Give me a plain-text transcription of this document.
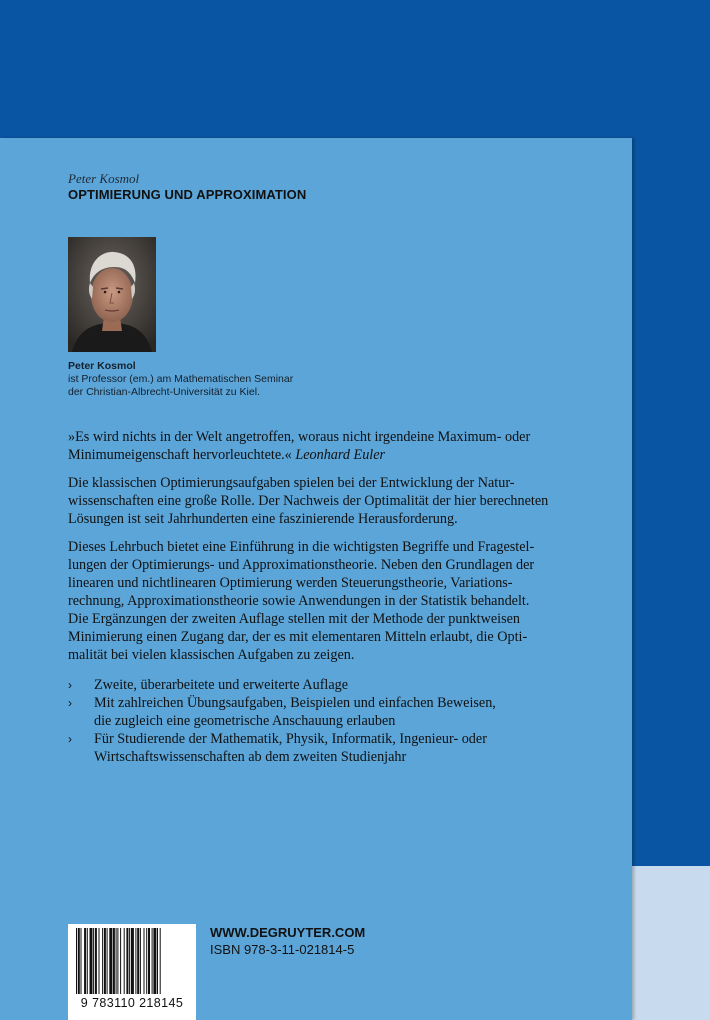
Peter Kosmol
OPTIMIERUNG UND APPROXIMATION
Peter Kosmol
ist Professor (em.) am Mathematischen Seminar
der Christian-Albrecht-Universität zu Kiel.
»Es wird nichts in der Welt angetroffen, woraus nicht irgendeine Maximum- oder
Minimumeigenschaft hervorleuchtete.« Leonhard Euler
Die klassischen Optimierungsaufgaben spielen bei der Entwicklung der Natur-
wissenschaften eine große Rolle. Der Nachweis der Optimalität der hier berechneten
Lösungen ist seit Jahrhunderten eine faszinierende Herausforderung.
Dieses Lehrbuch bietet eine Einführung in die wichtigsten Begriffe und Fragestel-
lungen der Optimierungs- und Approximationstheorie. Neben den Grundlagen der
linearen und nichtlinearen Optimierung werden Steuerungstheorie, Variations-
rechnung, Approximationstheorie sowie Anwendungen in der Statistik behandelt.
Die Ergänzungen der zweiten Auflage stellen mit der Methode der punktweisen
Minimierung einen Zugang dar, der es mit elementaren Mitteln erlaubt, die Opti-
malität bei vielen klassischen Aufgaben zu zeigen.
› Zweite, überarbeitete und erweiterte Auflage
› Mit zahlreichen Übungsaufgaben, Beispielen und einfachen Beweisen,
die zugleich eine geometrische Anschauung erlauben
› Für Studierende der Mathematik, Physik, Informatik, Ingenieur- oder
Wirtschaftswissenschaften ab dem zweiten Studienjahr
9 783110 218145
WWW.DEGRUYTER.COM
ISBN 978-3-11-021814-5
